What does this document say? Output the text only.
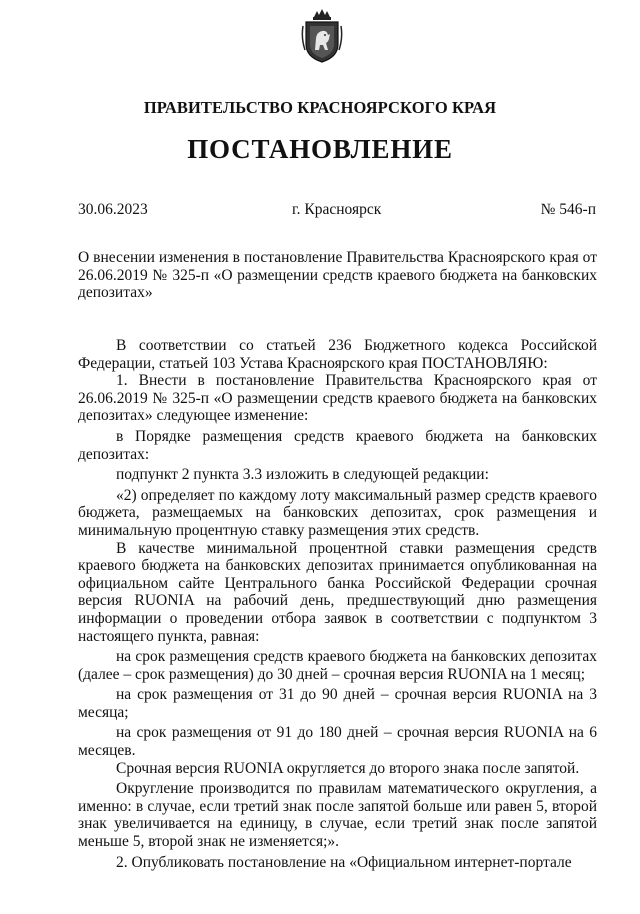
ПРАВИТЕЛЬСТВО КРАСНОЯРСКОГО КРАЯ
ПОСТАНОВЛЕНИЕ
30.06.2023	г. Красноярск	№ 546-п
О внесении изменения в постановление Правительства Красноярского края от 26.06.2019 № 325-п «О размещении средств краевого бюджета на банковских депозитах»

В соответствии со статьей 236 Бюджетного кодекса Российской Федерации, статьей 103 Устава Красноярского края ПОСТАНОВЛЯЮ:

1. Внести в постановление Правительства Красноярского края от 26.06.2019 № 325-п «О размещении средств краевого бюджета на банковских депозитах» следующее изменение:

в Порядке размещения средств краевого бюджета на банковских депозитах:

подпункт 2 пункта 3.3 изложить в следующей редакции:

«2) определяет по каждому лоту максимальный размер средств краевого бюджета, размещаемых на банковских депозитах, срок размещения и минимальную процентную ставку размещения этих средств.

В качестве минимальной процентной ставки размещения средств краевого бюджета на банковских депозитах принимается опубликованная на официальном сайте Центрального банка Российской Федерации срочная версия RUONIA на рабочий день, предшествующий дню размещения информации о проведении отбора заявок в соответствии с подпунктом 3 настоящего пункта, равная:

на срок размещения средств краевого бюджета на банковских депозитах (далее – срок размещения) до 30 дней – срочная версия RUONIA на 1 месяц;

на срок размещения от 31 до 90 дней – срочная версия RUONIA на 3 месяца;

на срок размещения от 91 до 180 дней – срочная версия RUONIA на 6 месяцев.

Срочная версия RUONIA округляется до второго знака после запятой.

Округление производится по правилам математического округления, а именно: в случае, если третий знак после запятой больше или равен 5, второй знак увеличивается на единицу, в случае, если третий знак после запятой меньше 5, второй знак не изменяется;».

2. Опубликовать постановление на «Официальном интернет-портале
